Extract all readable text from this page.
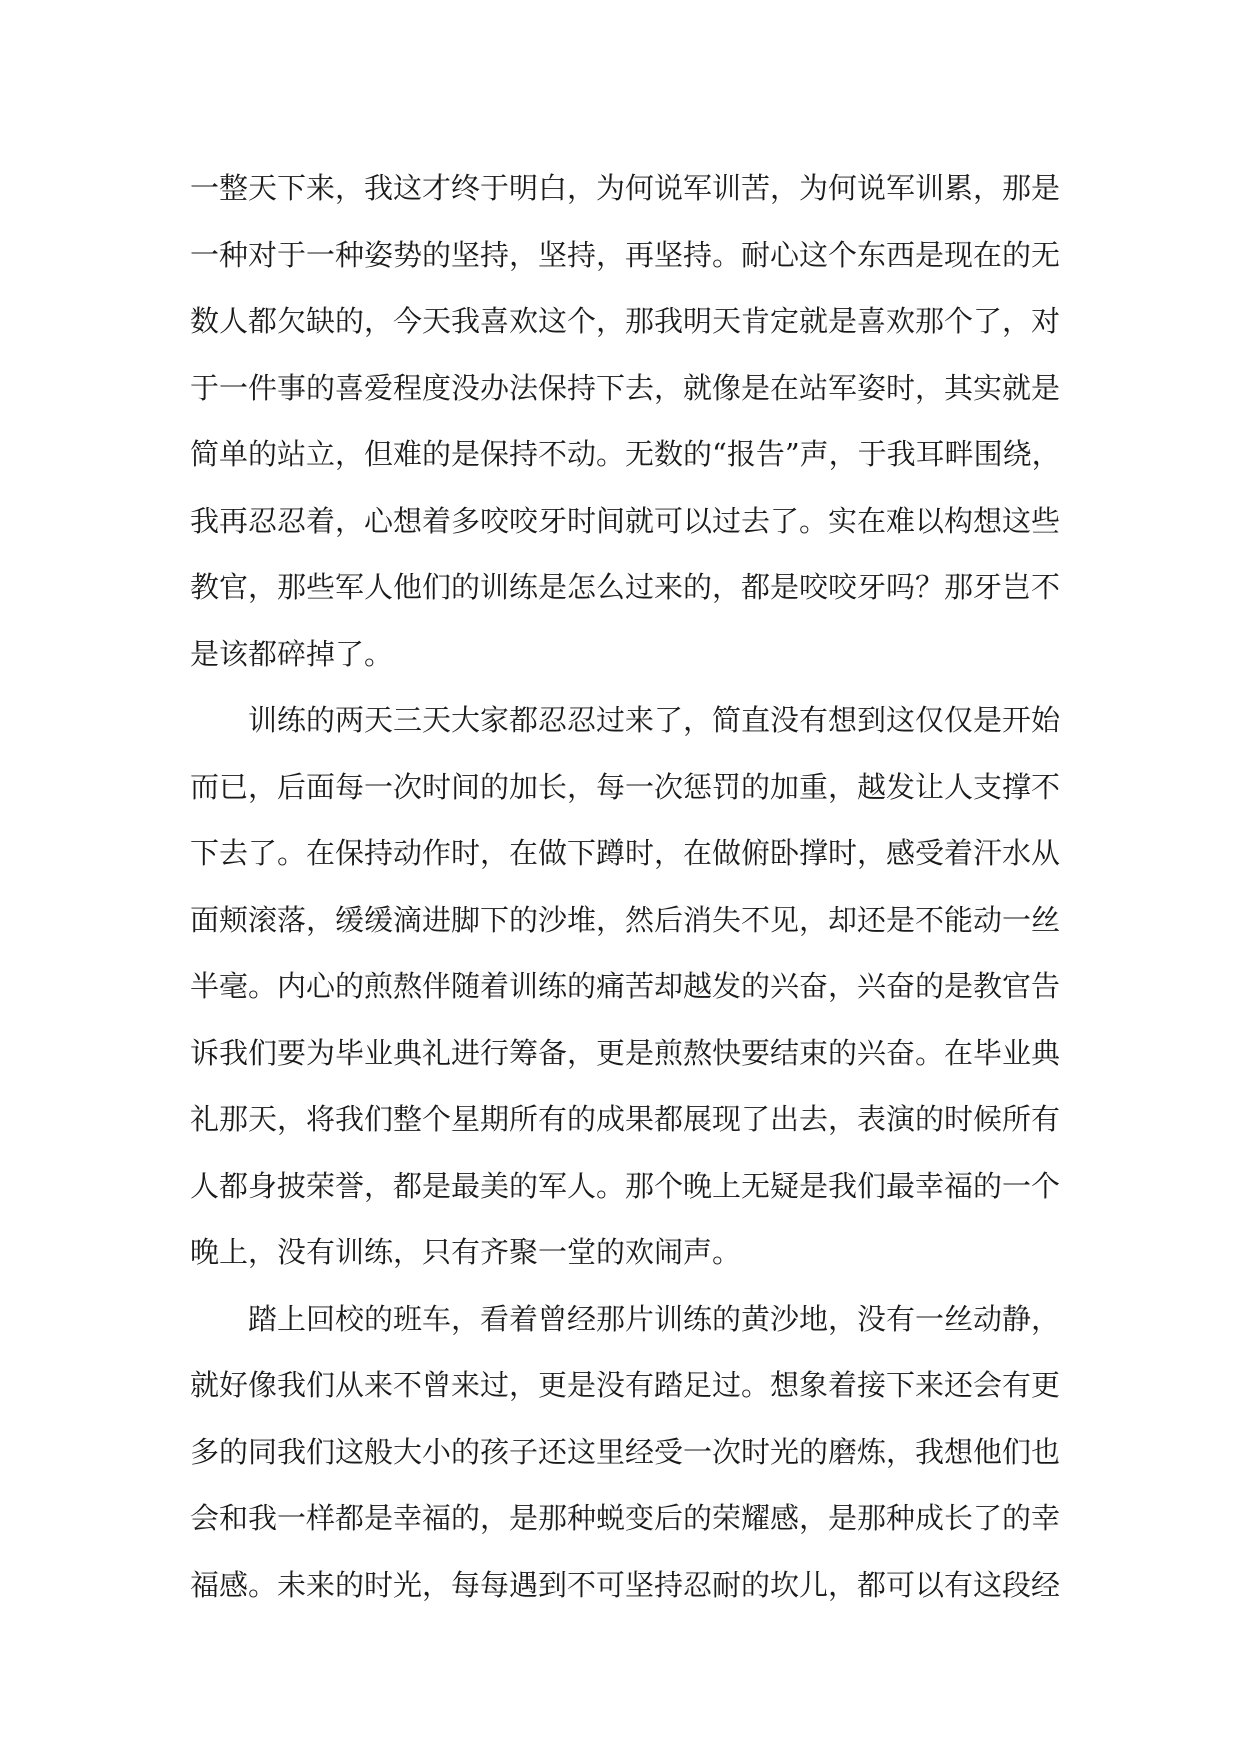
一整天下来，我这才终于明白，为何说军训苦，为何说军训累，那是
一种对于一种姿势的坚持，坚持，再坚持。耐心这个东西是现在的无
数人都欠缺的，今天我喜欢这个，那我明天肯定就是喜欢那个了，对
于一件事的喜爱程度没办法保持下去，就像是在站军姿时，其实就是
简单的站立，但难的是保持不动。无数的“报告”声，于我耳畔围绕，
我再忍忍着，心想着多咬咬牙时间就可以过去了。实在难以构想这些
教官，那些军人他们的训练是怎么过来的，都是咬咬牙吗？那牙岂不
是该都碎掉了。
训练的两天三天大家都忍忍过来了，简直没有想到这仅仅是开始
而已，后面每一次时间的加长，每一次惩罚的加重，越发让人支撑不
下去了。在保持动作时，在做下蹲时，在做俯卧撑时，感受着汗水从
面颊滚落，缓缓滴进脚下的沙堆，然后消失不见，却还是不能动一丝
半毫。内心的煎熬伴随着训练的痛苦却越发的兴奋，兴奋的是教官告
诉我们要为毕业典礼进行筹备，更是煎熬快要结束的兴奋。在毕业典
礼那天，将我们整个星期所有的成果都展现了出去，表演的时候所有
人都身披荣誉，都是最美的军人。那个晚上无疑是我们最幸福的一个
晚上，没有训练，只有齐聚一堂的欢闹声。
踏上回校的班车，看着曾经那片训练的黄沙地，没有一丝动静，
就好像我们从来不曾来过，更是没有踏足过。想象着接下来还会有更
多的同我们这般大小的孩子还这里经受一次时光的磨炼，我想他们也
会和我一样都是幸福的，是那种蜕变后的荣耀感，是那种成长了的幸
福感。未来的时光，每每遇到不可坚持忍耐的坎儿，都可以有这段经
